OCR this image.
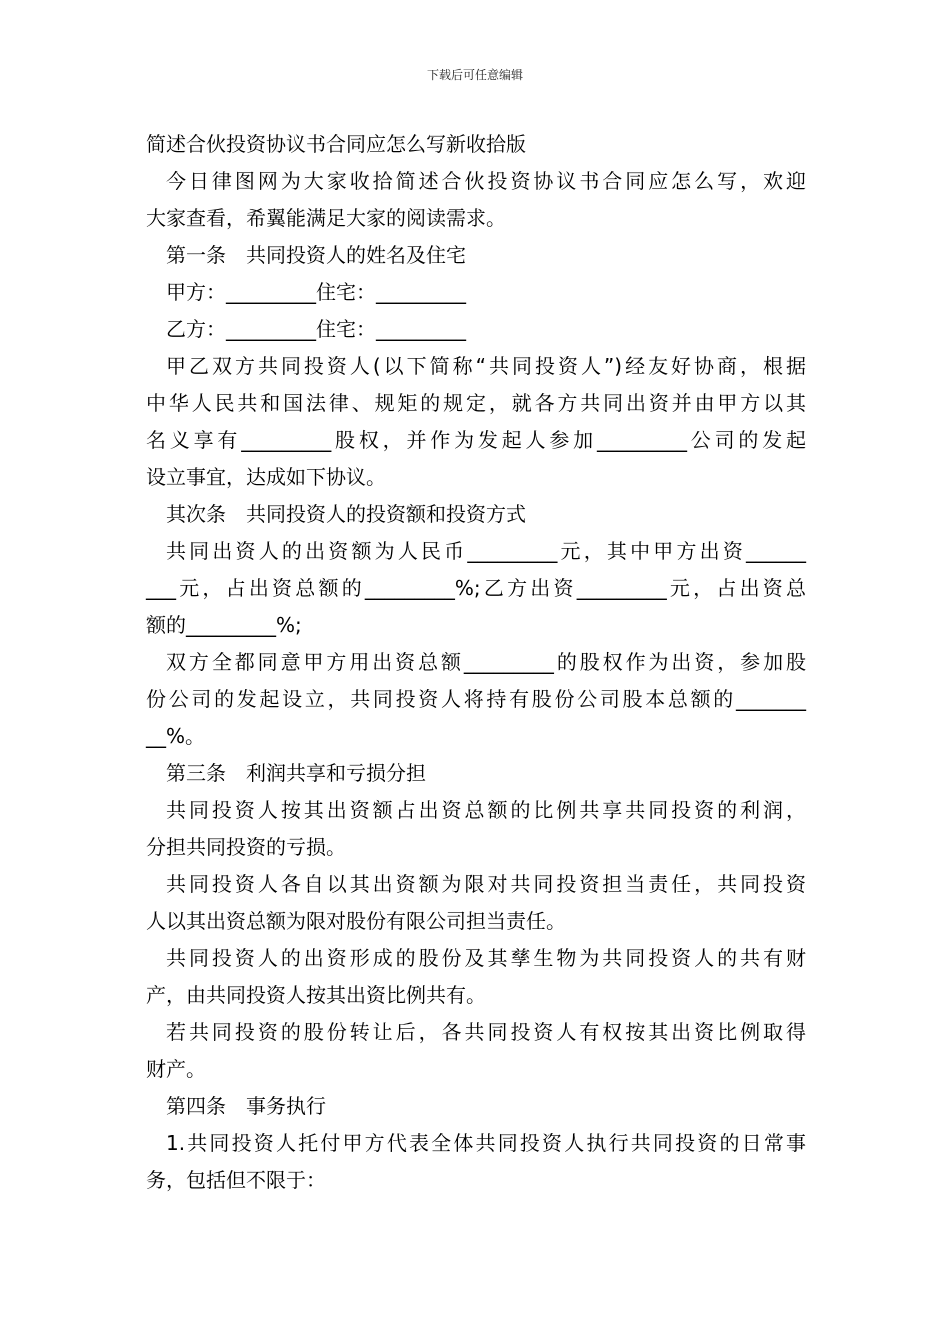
下载后可任意编辑
简述合伙投资协议书合同应怎么写新收拾版
今日律图网为大家收拾简述合伙投资协议书合同应怎么写，欢迎
大家查看，希翼能满足大家的阅读需求。
第一条　共同投资人的姓名及住宅
甲方：_________住宅：_________
乙方：_________住宅：_________
甲乙双方共同投资人(以下简称“共同投资人”)经友好协商，根据
中华人民共和国法律、规矩的规定，就各方共同出资并由甲方以其
名义享有_________股权，并作为发起人参加_________公司的发起
设立事宜，达成如下协议。
其次条　共同投资人的投资额和投资方式
共同出资人的出资额为人民币_________元，其中甲方出资______
___元，占出资总额的_________%;乙方出资_________元，占出资总
额的_________%;
双方全都同意甲方用出资总额_________的股权作为出资，参加股
份公司的发起设立，共同投资人将持有股份公司股本总额的_______
__%。
第三条　利润共享和亏损分担
共同投资人按其出资额占出资总额的比例共享共同投资的利润，
分担共同投资的亏损。
共同投资人各自以其出资额为限对共同投资担当责任，共同投资
人以其出资总额为限对股份有限公司担当责任。
共同投资人的出资形成的股份及其孳生物为共同投资人的共有财
产，由共同投资人按其出资比例共有。
若共同投资的股份转让后，各共同投资人有权按其出资比例取得
财产。
第四条　事务执行
1.共同投资人托付甲方代表全体共同投资人执行共同投资的日常事
务，包括但不限于：
